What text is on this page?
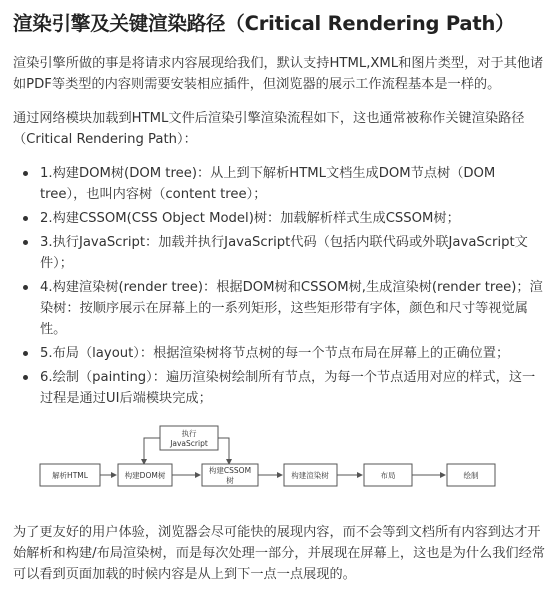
渲染引擎及关键渲染路径（Critical Rendering Path）

渲染引擎所做的事是将请求内容展现给我们，默认支持HTML,XML和图片类型，对于其他诸如PDF等类型的内容则需要安装相应插件，但浏览器的展示工作流程基本是一样的。

通过网络模块加载到HTML文件后渲染引擎渲染流程如下，这也通常被称作关键渲染路径（Critical Rendering Path）：

1.构建DOM树(DOM tree)：从上到下解析HTML文档生成DOM节点树（DOM tree），也叫内容树（content tree）；
2.构建CSSOM(CSS Object Model)树：加载解析样式生成CSSOM树；
3.执行JavaScript：加载并执行JavaScript代码（包括内联代码或外联JavaScript文件）；
4.构建渲染树(render tree)：根据DOM树和CSSOM树,生成渲染树(render tree)；渲染树：按顺序展示在屏幕上的一系列矩形，这些矩形带有字体，颜色和尺寸等视觉属性。
5.布局（layout）：根据渲染树将节点树的每一个节点布局在屏幕上的正确位置；
6.绘制（painting）：遍历渲染树绘制所有节点，为每一个节点适用对应的样式，这一过程是通过UI后端模块完成；
执行
JavaScript
解析HTML	构建DOM树
构建CSSOM
树
构建渲染树	布局	绘制

为了更友好的用户体验，浏览器会尽可能快的展现内容，而不会等到文档所有内容到达才开始解析和构建/布局渲染树，而是每次处理一部分，并展现在屏幕上，这也是为什么我们经常可以看到页面加载的时候内容是从上到下一点一点展现的。
